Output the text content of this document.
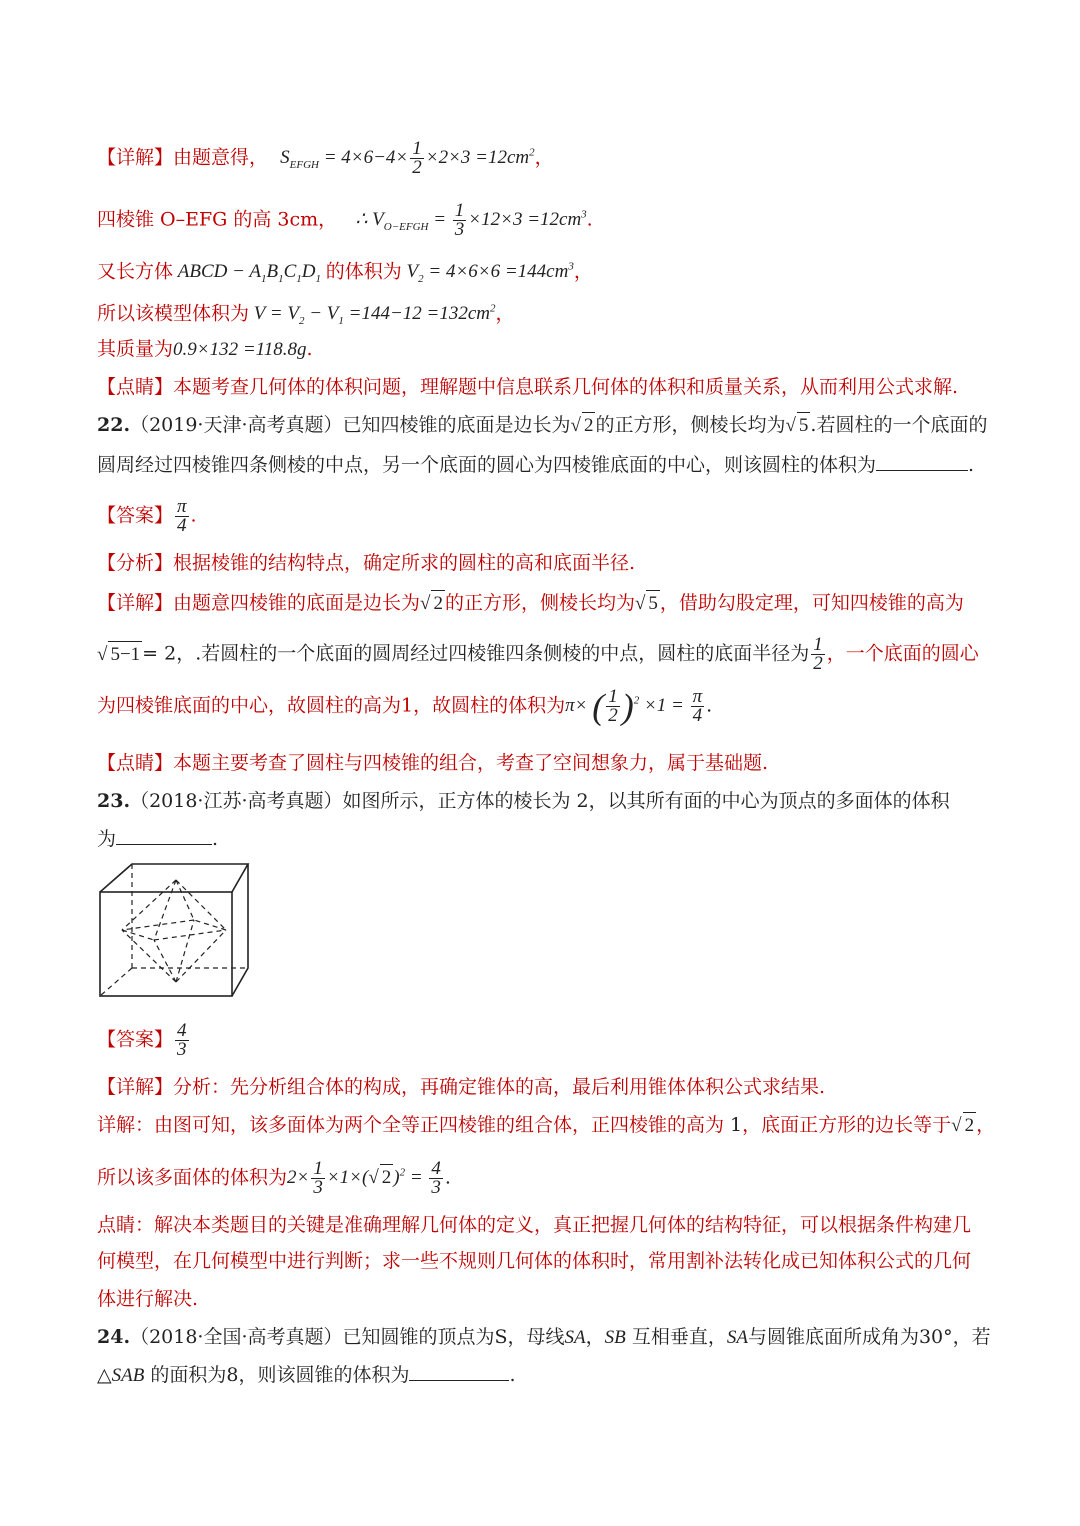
【详解】由题意得， $S_{EFGH} = 4\times 6-4\times \frac{1}{2} \times 2\times 3 =12cm^2$，
四棱锥 O–EFG 的高 3cm， ∴ $V_{O-EFGH} = \frac{1}{3} \times 12\times 3 =12cm^3$.
又长方体 ABCD − $A_1B_1C_1D_1$ 的体积为 $V_2 = 4\times 6\times 6 =144cm^3$，
所以该模型体积为 $V = V_2 - V_1 =144-12 =132cm^2$，
其质量为0.9×132 =118.8g.
【点睛】本题考查几何体的体积问题，理解题中信息联系几何体的体积和质量关系，从而利用公式求解.
22.（2019·天津·高考真题）已知四棱锥的底面是边长为√ 2 的正方形，侧棱长均为√ 5 .若圆柱的一个底面的
圆周经过四棱锥四条侧棱的中点，另一个底面的圆心为四棱锥底面的中心，则该圆柱的体积为	.
【答案】 $\frac{\pi}{4}$ .
【分析】根据棱锥的结构特点，确定所求的圆柱的高和底面半径.
【详解】由题意四棱锥的底面是边长为√ 2 的正方形，侧棱长均为√ 5 ，借助勾股定理，可知四棱锥的高为
√ 5−1 = 2，.若圆柱的一个底面的圆周经过四棱锥四条侧棱的中点，圆柱的底面半径为 $\frac{1}{2}$ ，一个底面的圆心
为四棱锥底面的中心，故圆柱的高为1，故圆柱的体积为π× ( $\frac{1}{2} )^2 \times 1 = \frac{\pi}{4}$ .
【点睛】本题主要考查了圆柱与四棱锥的组合，考查了空间想象力，属于基础题.
23.（2018·江苏·高考真题）如图所示，正方体的棱长为 2，以其所有面的中心为顶点的多面体的体积
为	.
【答案】 $\frac{4}{3}$
【详解】分析：先分析组合体的构成，再确定锥体的高，最后利用锥体体积公式求结果.
详解：由图可知，该多面体为两个全等正四棱锥的组合体，正四棱锥的高为 1，底面正方形的边长等于√ 2 ，
所以该多面体的体积为$2\times \frac{1}{3} \times 1\times(√$ 2 )$^2 = \frac{4}{3}$ .
点睛：解决本类题目的关键是准确理解几何体的定义，真正把握几何体的结构特征，可以根据条件构建几
何模型，在几何模型中进行判断；求一些不规则几何体的体积时，常用割补法转化成已知体积公式的几何
体进行解决.
24.（2018·全国·高考真题）已知圆锥的顶点为S，母线SA，SB 互相垂直，SA与圆锥底面所成角为30°，若
△SAB 的面积为8，则该圆锥的体积为	.
